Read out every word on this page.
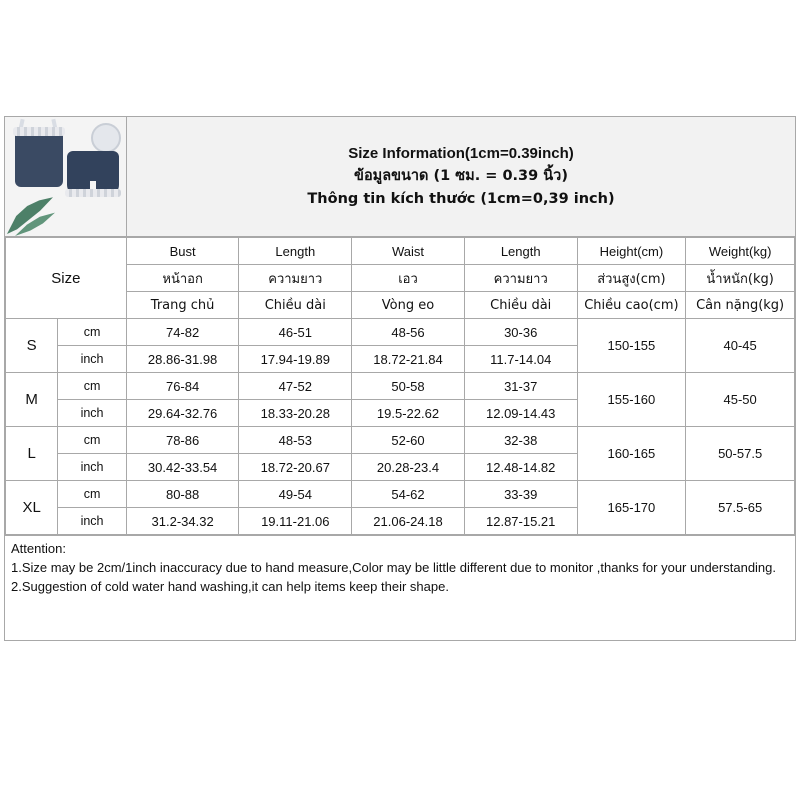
Size Information(1cm=0.39inch)
ข้อมูลขนาด (1 ซม. = 0.39 นิ้ว)
Thông tin kích thước (1cm=0,39 inch)
Size		Bust	Length	Waist	Length	Height(cm)	Weight(kg)
		หน้าอก	ความยาว	เอว	ความยาว	ส่วนสูง(cm)	น้ำหนัก(kg)
		Trang chủ	Chiều dài	Vòng eo	Chiều dài	Chiều cao(cm)	Cân nặng(kg)
S	cm	74-82	46-51	48-56	30-36	150-155	40-45
	inch	28.86-31.98	17.94-19.89	18.72-21.84	11.7-14.04		
M	cm	76-84	47-52	50-58	31-37	155-160	45-50
	inch	29.64-32.76	18.33-20.28	19.5-22.62	12.09-14.43		
L	cm	78-86	48-53	52-60	32-38	160-165	50-57.5
	inch	30.42-33.54	18.72-20.67	20.28-23.4	12.48-14.82		
XL	cm	80-88	49-54	54-62	33-39	165-170	57.5-65
	inch	31.2-34.32	19.11-21.06	21.06-24.18	12.87-15.21		
Attention:
1.Size may be 2cm/1inch inaccuracy due to hand measure,Color may be little different due to monitor ,thanks for your understanding.
2.Suggestion of cold water hand washing,it can help items keep their shape.
